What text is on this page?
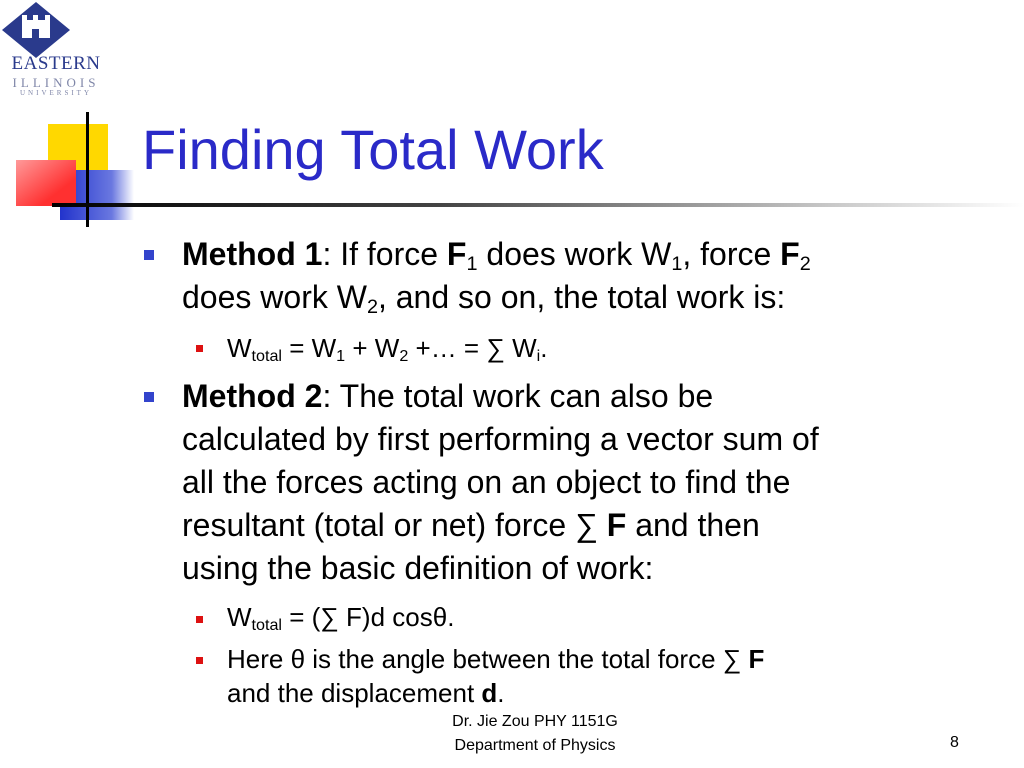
EASTERN
ILLINOIS
UNIVERSITY
Finding Total Work
Method 1: If force $F_1$ does work $W_1$, force $F_2$
does work $W_2$, and so on, the total work is:
$W_{total} = W_1 + W_2$ +… = ∑ $W_i$.
Method 2: The total work can also be
calculated by first performing a vector sum of
all the forces acting on an object to find the
resultant (total or net) force ∑ F and then
using the basic definition of work:
$W_{total}$ = (∑ F)d cosθ.
Here θ is the angle between the total force ∑ F
and the displacement d.
Dr. Jie Zou PHY 1151G
Department of Physics	8
